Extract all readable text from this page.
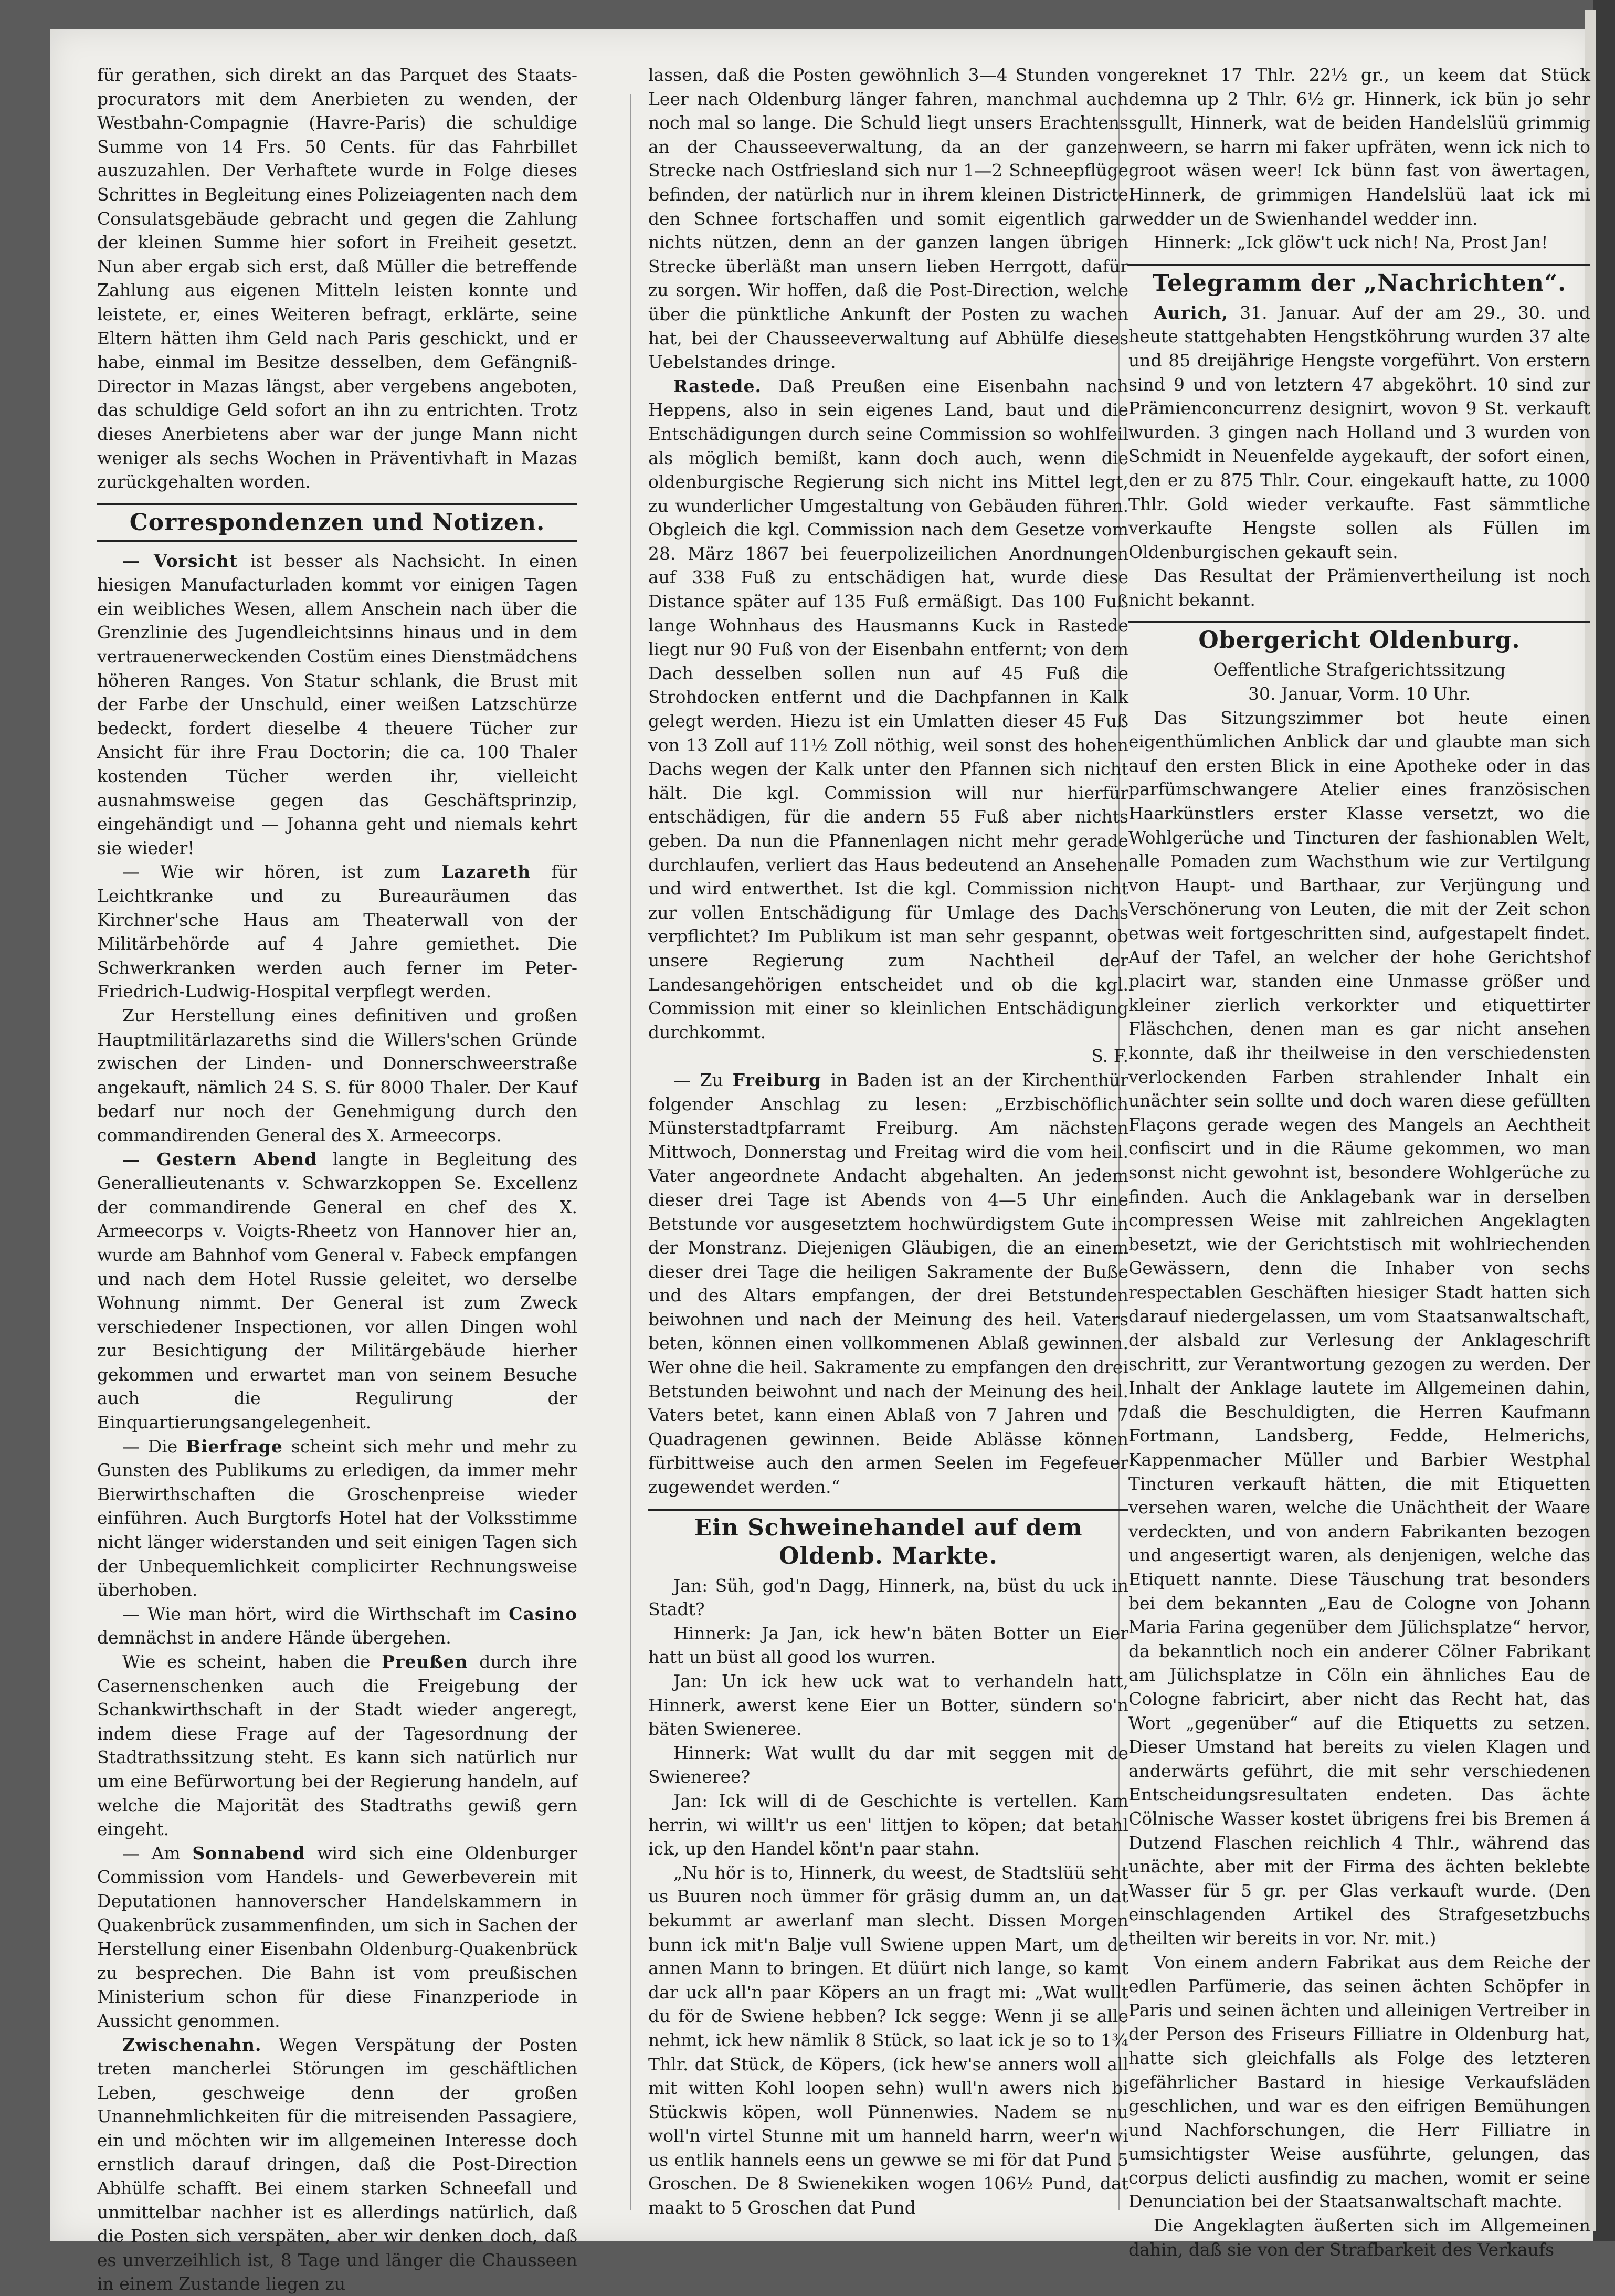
für gerathen, sich direkt an das Parquet des Staats-procurators mit dem Anerbieten zu wenden, der Westbahn-Compagnie (Havre-Paris) die schuldige Summe von 14 Frs. 50 Cents. für das Fahrbillet auszuzahlen. Der Verhaftete wurde in Folge dieses Schrittes in Begleitung eines Polizeiagenten nach dem Consulatsgebäude gebracht und gegen die Zahlung der kleinen Summe hier sofort in Freiheit gesetzt. Nun aber ergab sich erst, daß Müller die betreffende Zahlung aus eigenen Mitteln leisten konnte und leistete, er, eines Weiteren befragt, erklärte, seine Eltern hätten ihm Geld nach Paris geschickt, und er habe, einmal im Besitze desselben, dem Gefängniß-Director in Mazas längst, aber vergebens angeboten, das schuldige Geld sofort an ihn zu entrichten. Trotz dieses Anerbietens aber war der junge Mann nicht weniger als sechs Wochen in Präventivhaft in Mazas zurückgehalten worden.

Correspondenzen und Notizen.

— Vorsicht ist besser als Nachsicht. In einen hiesigen Manufacturladen kommt vor einigen Tagen ein weibliches Wesen, allem Anschein nach über die Grenzlinie des Jugendleichtsinns hinaus und in dem vertrauenerweckenden Costüm eines Dienstmädchens höheren Ranges. Von Statur schlank, die Brust mit der Farbe der Unschuld, einer weißen Latzschürze bedeckt, fordert dieselbe 4 theuere Tücher zur Ansicht für ihre Frau Doctorin; die ca. 100 Thaler kostenden Tücher werden ihr, vielleicht ausnahmsweise gegen das Geschäftsprinzip, eingehändigt und — Johanna geht und niemals kehrt sie wieder!

— Wie wir hören, ist zum Lazareth für Leichtkranke und zu Bureauräumen das Kirchner'sche Haus am Theaterwall von der Militärbehörde auf 4 Jahre gemiethet. Die Schwerkranken werden auch ferner im Peter-Friedrich-Ludwig-Hospital verpflegt werden.

Zur Herstellung eines definitiven und großen Hauptmilitärlazareths sind die Willers'schen Gründe zwischen der Linden- und Donnerschweerstraße angekauft, nämlich 24 S. S. für 8000 Thaler. Der Kauf bedarf nur noch der Genehmigung durch den commandirenden General des X. Armeecorps.

— Gestern Abend langte in Begleitung des Generallieutenants v. Schwarzkoppen Se. Excellenz der commandirende General en chef des X. Armeecorps v. Voigts-Rheetz von Hannover hier an, wurde am Bahnhof vom General v. Fabeck empfangen und nach dem Hotel Russie geleitet, wo derselbe Wohnung nimmt. Der General ist zum Zweck verschiedener Inspectionen, vor allen Dingen wohl zur Besichtigung der Militärgebäude hierher gekommen und erwartet man von seinem Besuche auch die Regulirung der Einquartierungsangelegenheit.

— Die Bierfrage scheint sich mehr und mehr zu Gunsten des Publikums zu erledigen, da immer mehr Bierwirthschaften die Groschenpreise wieder einführen. Auch Burgtorfs Hotel hat der Volksstimme nicht länger widerstanden und seit einigen Tagen sich der Unbequemlichkeit complicirter Rechnungsweise überhoben.

— Wie man hört, wird die Wirthschaft im Casino demnächst in andere Hände übergehen.

Wie es scheint, haben die Preußen durch ihre Casernenschenken auch die Freigebung der Schankwirthschaft in der Stadt wieder angeregt, indem diese Frage auf der Tagesordnung der Stadtrathssitzung steht. Es kann sich natürlich nur um eine Befürwortung bei der Regierung handeln, auf welche die Majorität des Stadtraths gewiß gern eingeht.

— Am Sonnabend wird sich eine Oldenburger Commission vom Handels- und Gewerbeverein mit Deputationen hannoverscher Handelskammern in Quakenbrück zusammenfinden, um sich in Sachen der Herstellung einer Eisenbahn Oldenburg-Quakenbrück zu besprechen. Die Bahn ist vom preußischen Ministerium schon für diese Finanzperiode in Aussicht genommen.

Zwischenahn. Wegen Verspätung der Posten treten mancherlei Störungen im geschäftlichen Leben, geschweige denn der großen Unannehmlichkeiten für die mitreisenden Passagiere, ein und möchten wir im allgemeinen Interesse doch ernstlich darauf dringen, daß die Post-Direction Abhülfe schafft. Bei einem starken Schneefall und unmittelbar nachher ist es allerdings natürlich, daß die Posten sich verspäten, aber wir denken doch, daß es unverzeihlich ist, 8 Tage und länger die Chausseen in einem Zustande liegen zu

lassen, daß die Posten gewöhnlich 3—4 Stunden von Leer nach Oldenburg länger fahren, manchmal auch noch mal so lange. Die Schuld liegt unsers Erachtens an der Chausseeverwaltung, da an der ganzen Strecke nach Ostfriesland sich nur 1—2 Schneepflüge befinden, der natürlich nur in ihrem kleinen Districte den Schnee fortschaffen und somit eigentlich gar nichts nützen, denn an der ganzen langen übrigen Strecke überläßt man unsern lieben Herrgott, dafür zu sorgen. Wir hoffen, daß die Post-Direction, welche über die pünktliche Ankunft der Posten zu wachen hat, bei der Chausseeverwaltung auf Abhülfe dieses Uebelstandes dringe.

Rastede. Daß Preußen eine Eisenbahn nach Heppens, also in sein eigenes Land, baut und die Entschädigungen durch seine Commission so wohlfeil als möglich bemißt, kann doch auch, wenn die oldenburgische Regierung sich nicht ins Mittel legt, zu wunderlicher Umgestaltung von Gebäuden führen. Obgleich die kgl. Commission nach dem Gesetze vom 28. März 1867 bei feuerpolizeilichen Anordnungen auf 338 Fuß zu entschädigen hat, wurde diese Distance später auf 135 Fuß ermäßigt. Das 100 Fuß lange Wohnhaus des Hausmanns Kuck in Rastede liegt nur 90 Fuß von der Eisenbahn entfernt; von dem Dach desselben sollen nun auf 45 Fuß die Strohdocken entfernt und die Dachpfannen in Kalk gelegt werden. Hiezu ist ein Umlatten dieser 45 Fuß von 13 Zoll auf 11½ Zoll nöthig, weil sonst des hohen Dachs wegen der Kalk unter den Pfannen sich nicht hält. Die kgl. Commission will nur hierfür entschädigen, für die andern 55 Fuß aber nichts geben. Da nun die Pfannenlagen nicht mehr gerade durchlaufen, verliert das Haus bedeutend an Ansehen und wird entwerthet. Ist die kgl. Commission nicht zur vollen Entschädigung für Umlage des Dachs verpflichtet? Im Publikum ist man sehr gespannt, ob unsere Regierung zum Nachtheil der Landesangehörigen entscheidet und ob die kgl. Commission mit einer so kleinlichen Entschädigung durchkommt.

S. F.

— Zu Freiburg in Baden ist an der Kirchenthür folgender Anschlag zu lesen: „Erzbischöflich Münsterstadtpfarramt Freiburg. Am nächsten Mittwoch, Donnerstag und Freitag wird die vom heil. Vater angeordnete Andacht abgehalten. An jedem dieser drei Tage ist Abends von 4—5 Uhr eine Betstunde vor ausgesetztem hochwürdigstem Gute in der Monstranz. Diejenigen Gläubigen, die an einem dieser drei Tage die heiligen Sakramente der Buße und des Altars empfangen, der drei Betstunden beiwohnen und nach der Meinung des heil. Vaters beten, können einen vollkommenen Ablaß gewinnen. Wer ohne die heil. Sakramente zu empfangen den drei Betstunden beiwohnt und nach der Meinung des heil. Vaters betet, kann einen Ablaß von 7 Jahren und 7 Quadragenen gewinnen. Beide Ablässe können fürbittweise auch den armen Seelen im Fegefeuer zugewendet werden.“

Ein Schweinehandel auf dem Oldenb. Markte.

Jan: Süh, god'n Dagg, Hinnerk, na, büst du uck in Stadt?

Hinnerk: Ja Jan, ick hew'n bäten Botter un Eier hatt un büst all good los wurren.

Jan: Un ick hew uck wat to verhandeln hatt, Hinnerk, awerst kene Eier un Botter, sündern so'n bäten Swieneree.

Hinnerk: Wat wullt du dar mit seggen mit de Swieneree?

Jan: Ick will di de Geschichte is vertellen. Kam herrin, wi willt'r us een' littjen to köpen; dat betahl ick, up den Handel könt'n paar stahn.

„Nu hör is to, Hinnerk, du weest, de Stadtslüü seht us Buuren noch ümmer för gräsig dumm an, un dat bekummt ar awerlanf man slecht. Dissen Morgen bunn ick mit'n Balje vull Swiene uppen Mart, um de annen Mann to bringen. Et düürt nich lange, so kamt dar uck all'n paar Köpers an un fragt mi: „Wat wullt du för de Swiene hebben? Ick segge: Wenn ji se alle nehmt, ick hew nämlik 8 Stück, so laat ick je so to 1¾ Thlr. dat Stück, de Köpers, (ick hew'se anners woll all mit witten Kohl loopen sehn) wull'n awers nich bi Stückwis köpen, woll Pünnenwies. Nadem se nu woll'n virtel Stunne mit um hanneld harrn, weer'n wi us entlik hannels eens un gewwe se mi för dat Pund 5 Groschen. De 8 Swienekiken wogen 106½ Pund, dat maakt to 5 Groschen dat Pund

gereknet 17 Thlr. 22½ gr., un keem dat Stück demna up 2 Thlr. 6½ gr. Hinnerk, ick bün jo sehr sgullt, Hinnerk, wat de beiden Handelslüü grimmig weern, se harrn mi faker upfräten, wenn ick nich to groot wäsen weer! Ick bünn fast von äwertagen, Hinnerk, de grimmigen Handelslüü laat ick mi wedder un de Swienhandel wedder inn.

Hinnerk: „Ick glöw't uck nich! Na, Prost Jan!

Telegramm der „Nachrichten“.

Aurich, 31. Januar. Auf der am 29., 30. und heute stattgehabten Hengstköhrung wurden 37 alte und 85 dreijährige Hengste vorgeführt. Von erstern sind 9 und von letztern 47 abgeköhrt. 10 sind zur Prämienconcurrenz designirt, wovon 9 St. verkauft wurden. 3 gingen nach Holland und 3 wurden von Schmidt in Neuenfelde aygekauft, der sofort einen, den er zu 875 Thlr. Cour. eingekauft hatte, zu 1000 Thlr. Gold wieder verkaufte. Fast sämmtliche verkaufte Hengste sollen als Füllen im Oldenburgischen gekauft sein.

Das Resultat der Prämienvertheilung ist noch nicht bekannt.

Obergericht Oldenburg.

Oeffentliche Strafgerichtssitzung

30. Januar, Vorm. 10 Uhr.

Das Sitzungszimmer bot heute einen eigenthümlichen Anblick dar und glaubte man sich auf den ersten Blick in eine Apotheke oder in das parfümschwangere Atelier eines französischen Haarkünstlers erster Klasse versetzt, wo die Wohlgerüche und Tincturen der fashionablen Welt, alle Pomaden zum Wachsthum wie zur Vertilgung von Haupt- und Barthaar, zur Verjüngung und Verschönerung von Leuten, die mit der Zeit schon etwas weit fortgeschritten sind, aufgestapelt findet. Auf der Tafel, an welcher der hohe Gerichtshof placirt war, standen eine Unmasse größer und kleiner zierlich verkorkter und etiquettirter Fläschchen, denen man es gar nicht ansehen konnte, daß ihr theilweise in den verschiedensten verlockenden Farben strahlender Inhalt ein unächter sein sollte und doch waren diese gefüllten Flaçons gerade wegen des Mangels an Aechtheit confiscirt und in die Räume gekommen, wo man sonst nicht gewohnt ist, besondere Wohlgerüche zu finden. Auch die Anklagebank war in derselben compressen Weise mit zahlreichen Angeklagten besetzt, wie der Gerichtstisch mit wohlriechenden Gewässern, denn die Inhaber von sechs respectablen Geschäften hiesiger Stadt hatten sich darauf niedergelassen, um vom Staatsanwaltschaft, der alsbald zur Verlesung der Anklageschrift schritt, zur Verantwortung gezogen zu werden. Der Inhalt der Anklage lautete im Allgemeinen dahin, daß die Beschuldigten, die Herren Kaufmann Fortmann, Landsberg, Fedde, Helmerichs, Kappenmacher Müller und Barbier Westphal Tincturen verkauft hätten, die mit Etiquetten versehen waren, welche die Unächtheit der Waare verdeckten, und von andern Fabrikanten bezogen und angesertigt waren, als denjenigen, welche das Etiquett nannte. Diese Täuschung trat besonders bei dem bekannten „Eau de Cologne von Johann Maria Farina gegenüber dem Jülichsplatze“ hervor, da bekanntlich noch ein anderer Cölner Fabrikant am Jülichsplatze in Cöln ein ähnliches Eau de Cologne fabricirt, aber nicht das Recht hat, das Wort „gegenüber“ auf die Etiquetts zu setzen. Dieser Umstand hat bereits zu vielen Klagen und anderwärts geführt, die mit sehr verschiedenen Entscheidungsresultaten endeten. Das ächte Cölnische Wasser kostet übrigens frei bis Bremen á Dutzend Flaschen reichlich 4 Thlr., während das unächte, aber mit der Firma des ächten beklebte Wasser für 5 gr. per Glas verkauft wurde. (Den einschlagenden Artikel des Strafgesetzbuchs theilten wir bereits in vor. Nr. mit.)

Von einem andern Fabrikat aus dem Reiche der edlen Parfümerie, das seinen ächten Schöpfer in Paris und seinen ächten und alleinigen Vertreiber in der Person des Friseurs Filliatre in Oldenburg hat, hatte sich gleichfalls als Folge des letzteren gefährlicher Bastard in hiesige Verkaufsläden geschlichen, und war es den eifrigen Bemühungen und Nachforschungen, die Herr Filliatre in umsichtigster Weise ausführte, gelungen, das corpus delicti ausfindig zu machen, womit er seine Denunciation bei der Staatsanwaltschaft machte.

Die Angeklagten äußerten sich im Allgemeinen dahin, daß sie von der Strafbarkeit des Verkaufs
